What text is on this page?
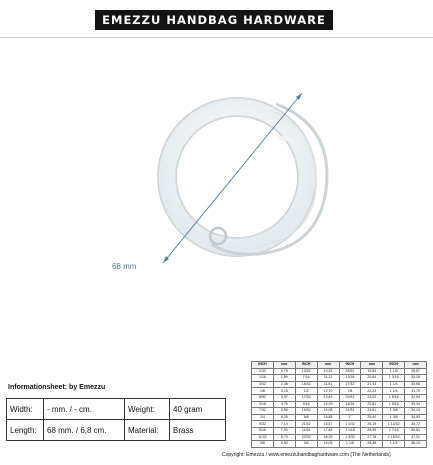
EMEZZU HANDBAG HARDWARE
68 mm
Informationsheet: by Emezzu
Width:	- mm. / - cm.	Weight:	40 gram
Length:	68 mm. / 6,8 cm.	Material:	Brass
INCH	mm	INCH	mm	INCH	mm	INCH	mm
1/32	0,79	13/32	10,32	25/32	19,84	1 1/8	28,57
1/16	1,59	7/16	11,11	13/16	20,64	1 3/16	30,16
3/32	2,38	15/32	11,91	27/32	21,43	1 1/4	30,96
1/8	3,18	1/2	12,70	7/8	22,23	1 1/4	31,75
5/32	3,97	17/32	13,49	29/32	23,02	1 5/16	32,54
3/16	4,76	9/16	14,29	15/16	23,81	1 5/16	33,34
7/32	5,56	19/32	15,08	31/32	24,61	1 3/8	34,13
1/4	6,35	5/8	15,88	1"	25,40	1 3/8	34,93
9/32	7,14	21/32	16,67	1 1/32	26,19	1 13/32	35,72
5/16	7,94	11/16	17,46	1 1/16	26,99	1 7/16	36,51
11/32	8,73	23/32	18,26	1 3/32	27,78	1 15/32	37,31
3/8	9,53	3/4	19,05	1 1/8	28,58	1 1/2	38,10
Copyright: Emezzu / www.emezzuhandbaghardware.com (The Netherlands)
